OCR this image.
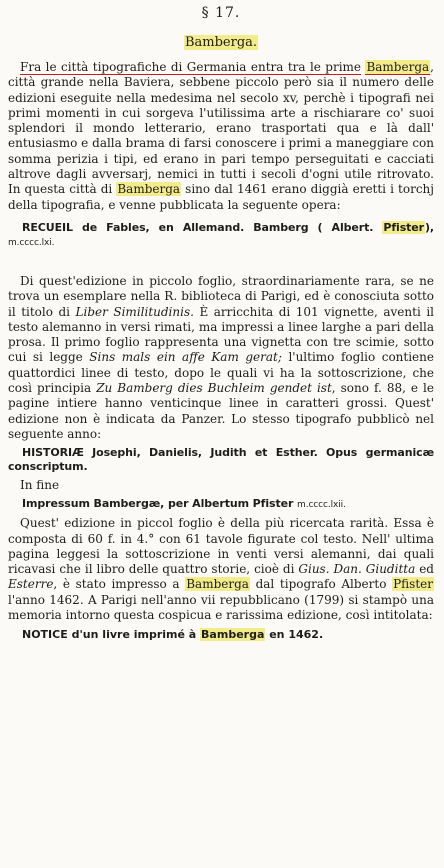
§ 17.

Bamberga.

Fra le città tipografiche di Germania entra tra le prime Bamberga, città grande nella Baviera, sebbene piccolo però sia il numero delle edizioni eseguite nella medesima nel secolo xv, perchè i tipografi nei primi momenti in cui sorgeva l'utilissima arte a rischiarare co' suoi splendori il mondo letterario, erano trasportati qua e là dall' entusiasmo e dalla brama di farsi conoscere i primi a maneggiare con somma perizia i tipi, ed erano in pari tempo perseguitati e cacciati altrove dagli avversarj, nemici in tutti i secoli d'ogni utile ritrovato. In questa città di Bamberga sino dal 1461 erano diggià eretti i torchj della tipografia, e venne pubblicata la seguente opera:

RECUEIL de Fables, en Allemand. Bamberg ( Albert. Pfister), m.cccc.lxi.

Di quest'edizione in piccolo foglio, straordinariamente rara, se ne trova un esemplare nella R. biblioteca di Parigi, ed è conosciuta sotto il titolo di Liber Similitudinis. È arricchita di 101 vignette, aventi il testo alemanno in versi rimati, ma impressi a linee larghe a pari della prosa. Il primo foglio rappresenta una vignetta con tre scimie, sotto cui si legge Sins mals ein affe Kam gerat; l'ultimo foglio contiene quattordici linee di testo, dopo le quali vi ha la sottoscrizione, che così principia Zu Bamberg dies Buchleim gendet ist, sono f. 88, e le pagine intiere hanno venticinque linee in caratteri grossi. Quest' edizione non è indicata da Panzer. Lo stesso tipografo pubblicò nel seguente anno:

HISTORIÆ Josephi, Danielis, Judith et Esther. Opus germanicæ conscriptum.

In fine

Impressum Bambergæ, per Albertum Pfister m.cccc.lxii.

Quest' edizione in piccol foglio è della più ricercata rarità. Essa è composta di 60 f. in 4.° con 61 tavole figurate col testo. Nell' ultima pagina leggesi la sottoscrizione in venti versi alemanni, dai quali ricavasi che il libro delle quattro storie, cioè di Gius. Dan. Giuditta ed Esterre, è stato impresso a Bamberga dal tipografo Alberto Pfister l'anno 1462. A Parigi nell'anno vii repubblicano (1799) si stampò una memoria intorno questa cospicua e rarissima edizione, così intitolata:

NOTICE d'un livre imprimé à Bamberga en 1462.
